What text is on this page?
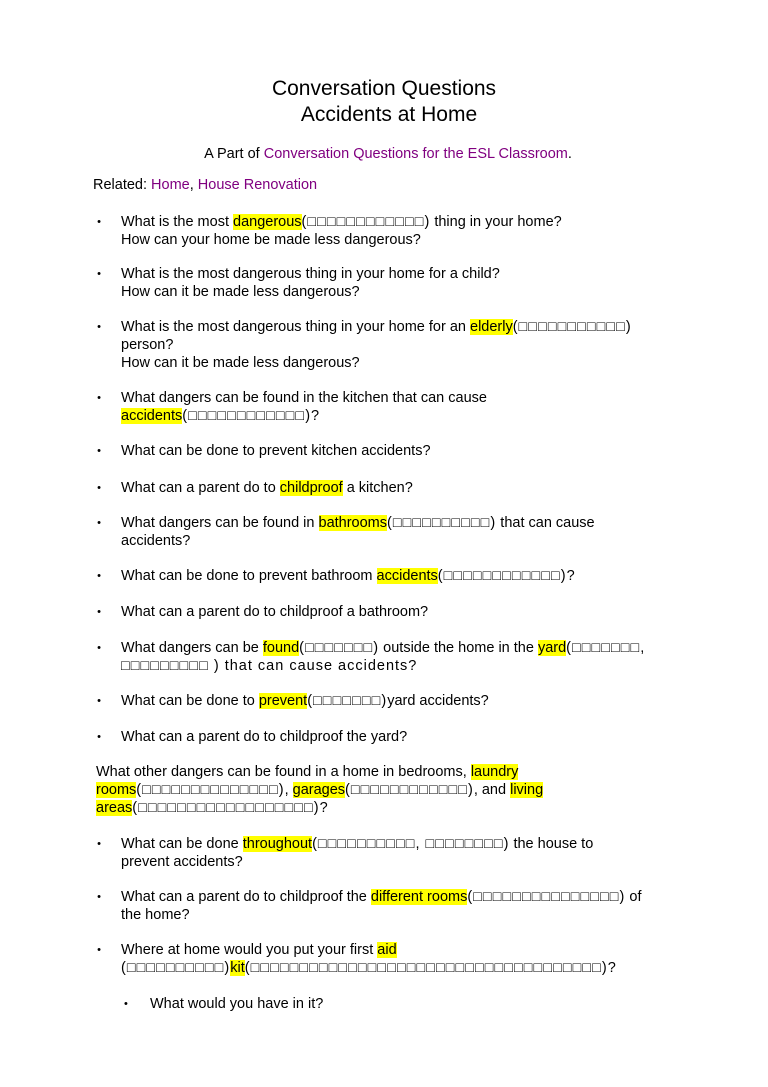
Conversation Questions
Accidents at Home
A Part of Conversation Questions for the ESL Classroom.
Related: Home, House Renovation
• What is the most dangerous(□□□□□□□□□□□□) thing in your home?
How can your home be made less dangerous?
• What is the most dangerous thing in your home for a child?
How can it be made less dangerous?
• What is the most dangerous thing in your home for an elderly(□□□□□□□□□□□)
person?
How can it be made less dangerous?
• What dangers can be found in the kitchen that can cause
accidents(□□□□□□□□□□□□)?
• What can be done to prevent kitchen accidents?
• What can a parent do to childproof a kitchen?
• What dangers can be found in bathrooms(□□□□□□□□□□) that can cause
accidents?
• What can be done to prevent bathroom accidents(□□□□□□□□□□□□)?
• What can a parent do to childproof a bathroom?
• What dangers can be found(□□□□□□□) outside the home in the yard(□□□□□□□,
□□□□□□□□□ ) that can cause accidents?
• What can be done to prevent(□□□□□□□)yard accidents?
• What can a parent do to childproof the yard?
What other dangers can be found in a home in bedrooms, laundry
rooms(□□□□□□□□□□□□□□), garages(□□□□□□□□□□□□), and living
areas(□□□□□□□□□□□□□□□□□□)?
• What can be done throughout(□□□□□□□□□□, □□□□□□□□) the house to
prevent accidents?
• What can a parent do to childproof the different rooms(□□□□□□□□□□□□□□□) of
the home?
• Where at home would you put your first aid
(□□□□□□□□□□)kit(□□□□□□□□□□□□□□□□□□□□□□□□□□□□□□□□□□□□)?
• What would you have in it?
